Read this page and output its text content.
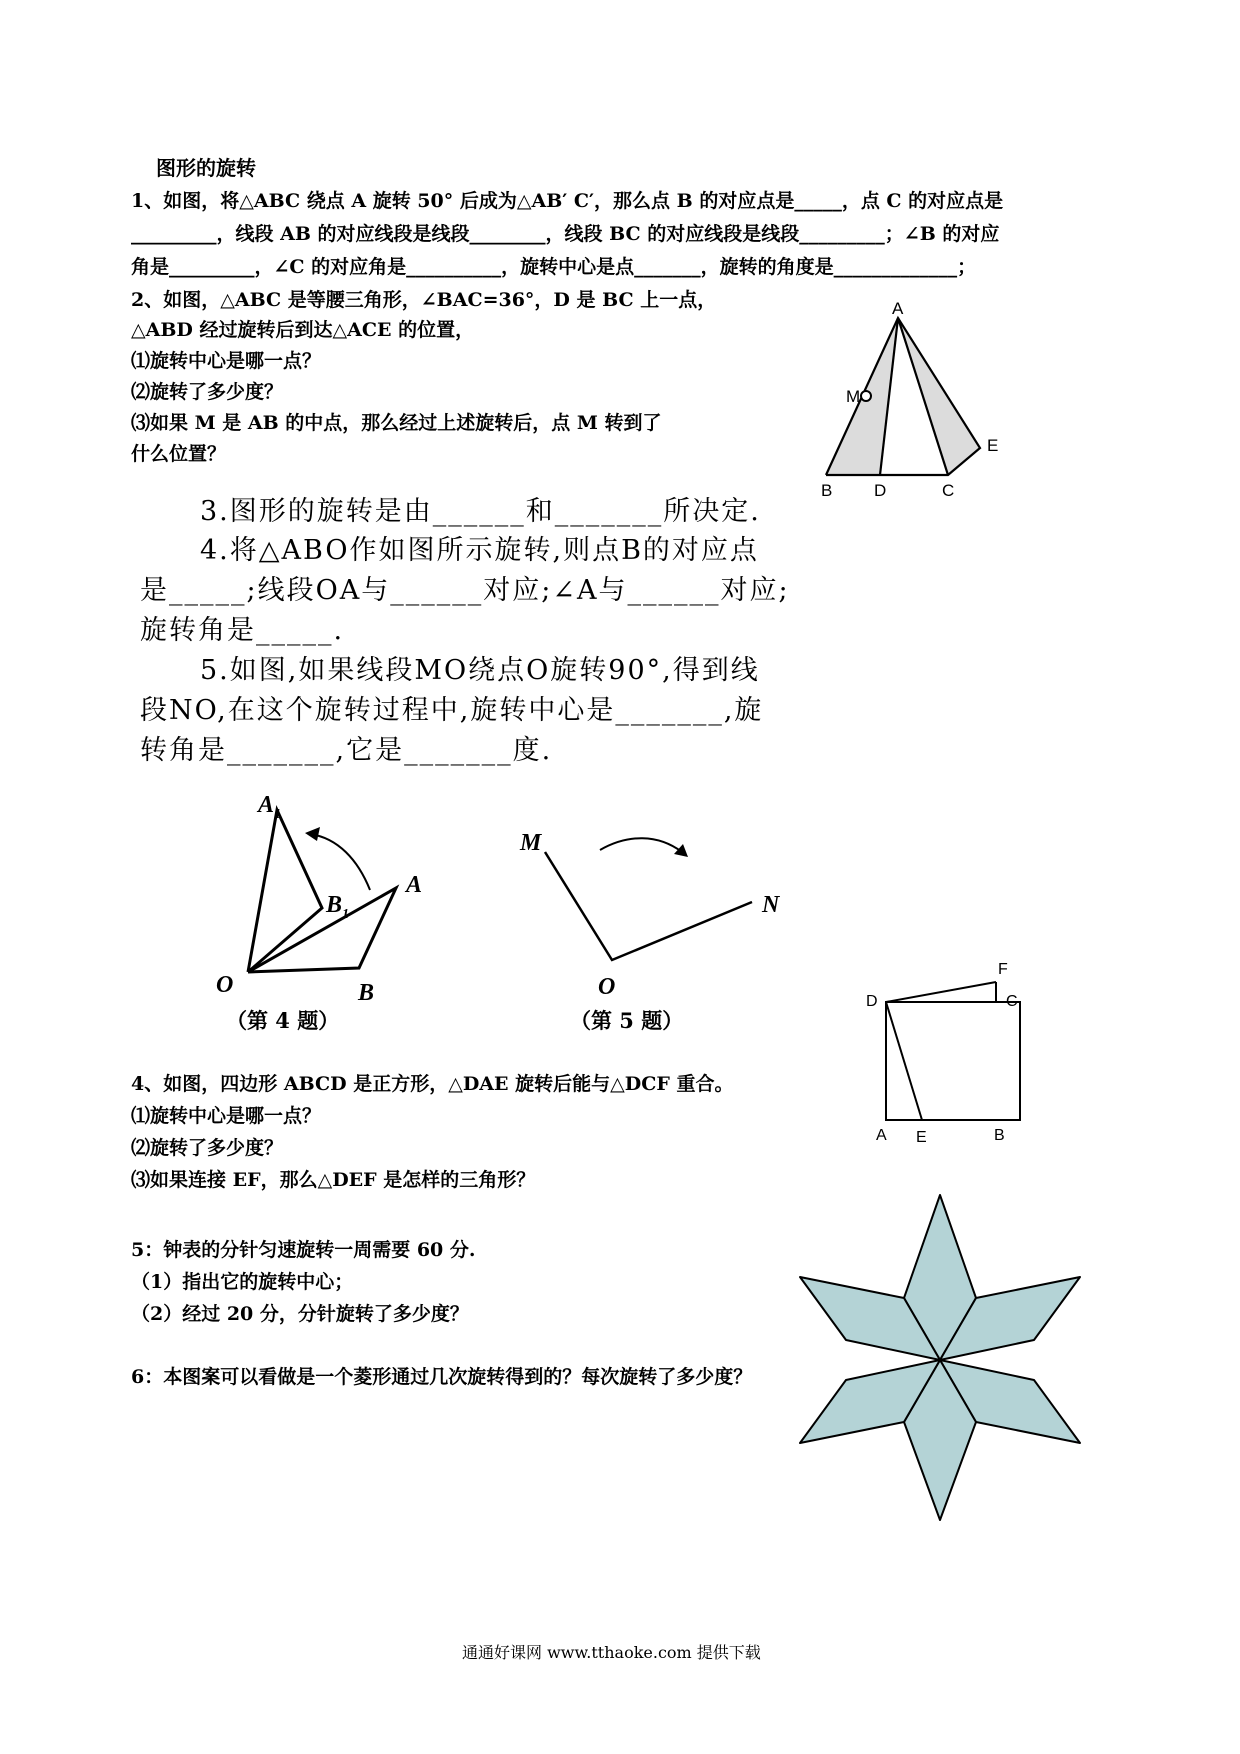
图形的旋转
1、如图，将△ABC 绕点 A 旋转 50° 后成为△AB′ C′，那么点 B 的对应点是_____，点 C 的对应点是
_________，线段 AB 的对应线段是线段________，线段 BC 的对应线段是线段_________；∠B 的对应
角是_________，∠C 的对应角是__________，旋转中心是点_______，旋转的角度是_____________；
2、如图，△ABC 是等腰三角形，∠BAC=36°，D 是 BC 上一点，
△ABD 经过旋转后到达△ACE 的位置，
⑴旋转中心是哪一点？
⑵旋转了多少度？
⑶如果 M 是 AB 的中点，那么经过上述旋转后，点 M 转到了
什么位置？
A
M
E
B D	C
3.图形的旋转是由______和_______所决定.
4.将△ABO作如图所示旋转,则点B的对应点
是_____;线段OA与______对应;∠A与______对应;
旋转角是_____.
5.如图,如果线段MO绕点O旋转90°,得到线
段NO,在这个旋转过程中,旋转中心是_______,旋
转角是_______,它是_______度.
$A_1$
$B_1$
A
O	B
（第 4 题）
M
N
O
（第 5 题）
F
D	C
A E	B
4、如图，四边形 ABCD 是正方形，△DAE 旋转后能与△DCF 重合。
⑴旋转中心是哪一点？
⑵旋转了多少度？
⑶如果连接 EF，那么△DEF 是怎样的三角形？
5：钟表的分针匀速旋转一周需要 60 分.
（1）指出它的旋转中心；
（2）经过 20 分，分针旋转了多少度？
6：本图案可以看做是一个菱形通过几次旋转得到的？每次旋转了多少度？
通通好课网 www.tthaoke.com 提供下载
